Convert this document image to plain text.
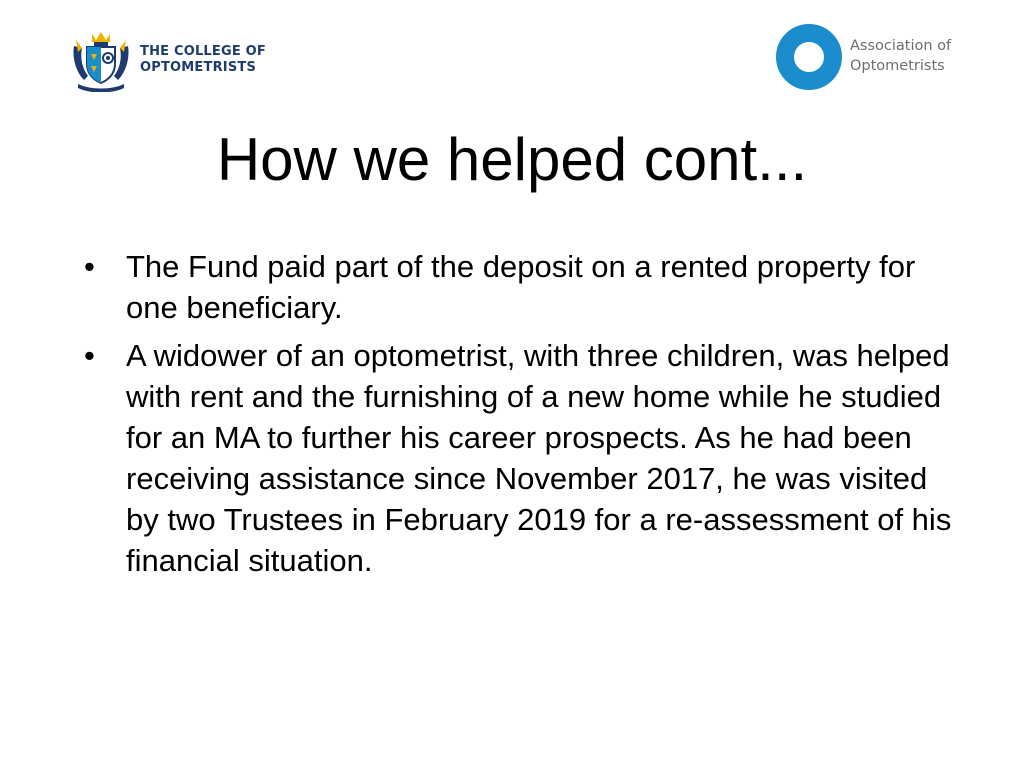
THE COLLEGE OF
OPTOMETRISTS
Association of
Optometrists
How we helped cont...
• The Fund paid part of the deposit on a rented property for one beneficiary.
• A widower of an optometrist, with three children, was helped with rent and the furnishing of a new home while he studied for an MA to further his career prospects. As he had been receiving assistance since November 2017, he was visited by two Trustees in February 2019 for a re-assessment of his financial situation.
